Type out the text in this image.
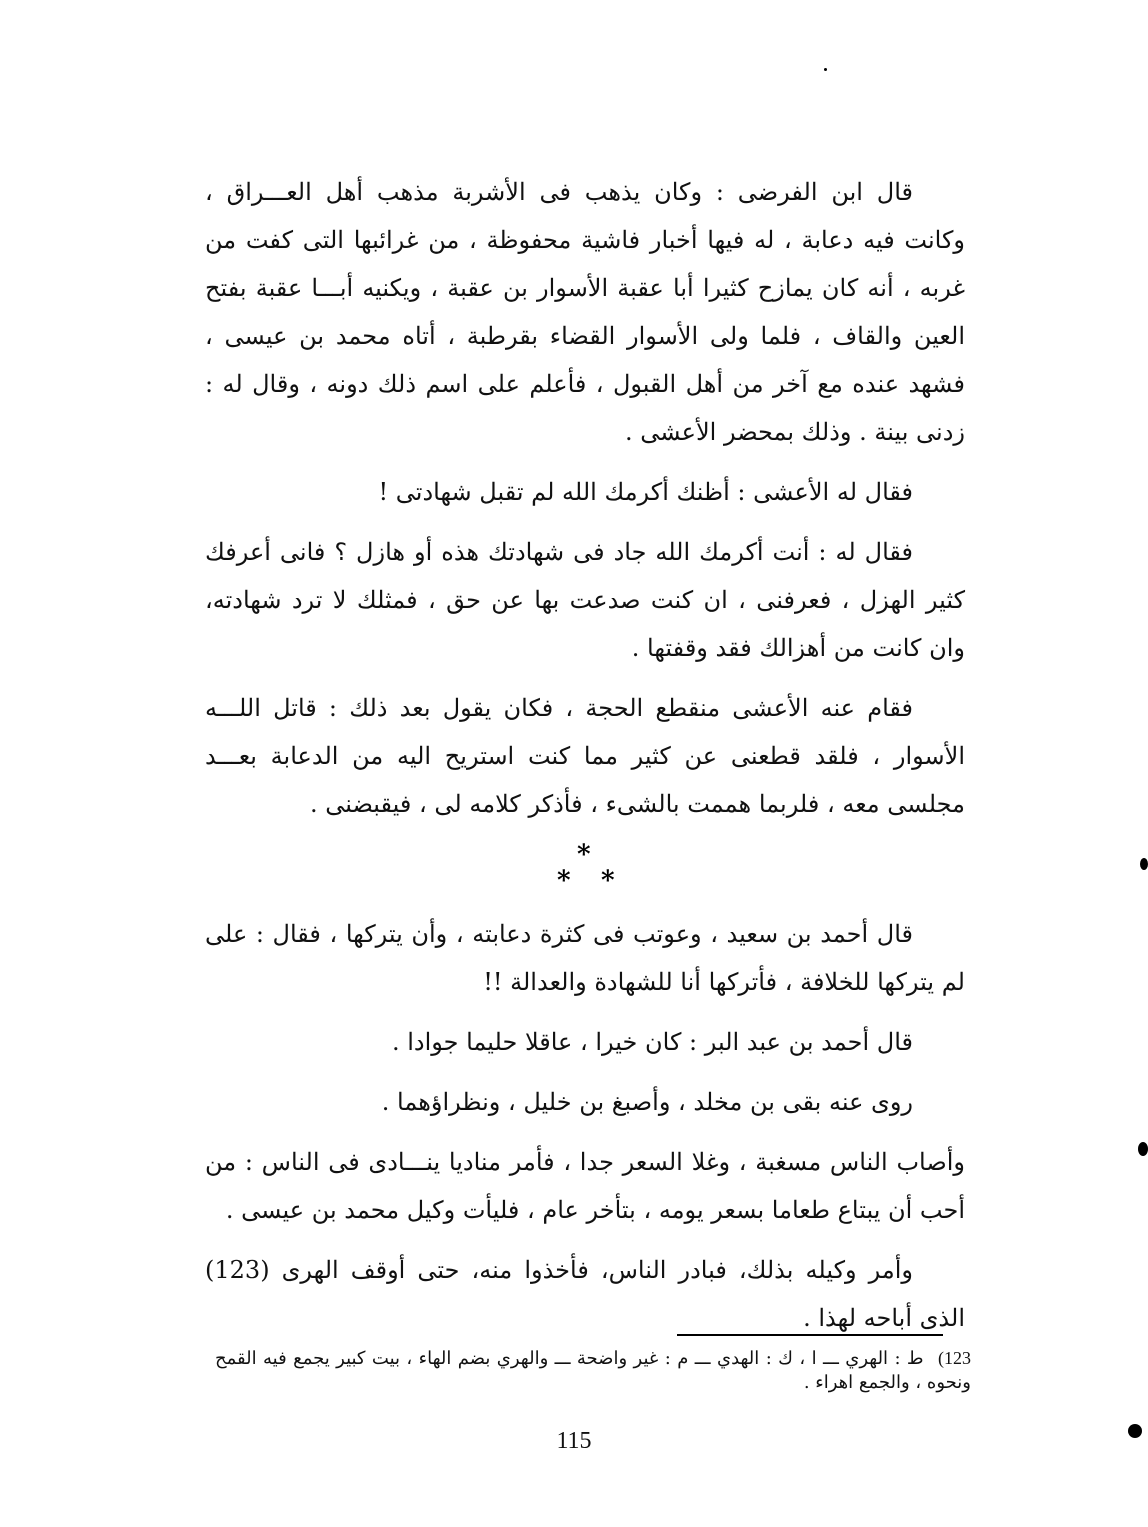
قال ابن الفرضى : وكان يذهب فى الأشربة مذهب أهل العـــراق ، وكانت فيه دعابة ، له فيها أخبار فاشية محفوظة ، من غرائبها التى كفت من غربه ، أنه كان يمازح كثيرا أبا عقبة الأسوار بن عقبة ، ويكنيه أبـــا عقبة بفتح العين والقاف ، فلما ولى الأسوار القضاء بقرطبة ، أتاه محمد بن عيسى ، فشهد عنده مع آخر من أهل القبول ، فأعلم على اسم ذلك دونه ، وقال له : زدنى بينة . وذلك بمحضر الأعشى .

فقال له الأعشى : أظنك أكرمك الله لم تقبل شهادتى !

فقال له : أنت أكرمك الله جاد فى شهادتك هذه أو هازل ؟ فانى أعرفك كثير الهزل ، فعرفنى ، ان كنت صدعت بها عن حق ، فمثلك لا ترد شهادته، وان كانت من أهزالك فقد وقفتها .

فقام عنه الأعشى منقطع الحجة ، فكان يقول بعد ذلك : قاتل اللـــه الأسوار ، فلقد قطعنى عن كثير مما كنت استريح اليه من الدعابة بعـــد مجلسى معه ، فلربما هممت بالشىء ، فأذكر كلامه لى ، فيقبضنى .

*
* *

قال أحمد بن سعيد ، وعوتب فى كثرة دعابته ، وأن يتركها ، فقال : على لم يتركها للخلافة ، فأتركها أنا للشهادة والعدالة !!

قال أحمد بن عبد البر : كان خيرا ، عاقلا حليما جوادا .

روى عنه بقى بن مخلد ، وأصبغ بن خليل ، ونظراؤهما .

وأصاب الناس مسغبة ، وغلا السعر جدا ، فأمر مناديا ينـــادى فى الناس : من أحب أن يبتاع طعاما بسعر يومه ، بتأخر عام ، فليأت وكيل محمد بن عيسى .

وأمر وكيله بذلك، فبادر الناس، فأخذوا منه، حتى أوقف الهرى (123) الذى أباحه لهذا .

123) ط : الهري ـــ ا ، ك : الهدي ـــ م : غير واضحة ـــ والهري بضم الهاء ، بيت كبير يجمع فيه القمح ونحوه ، والجمع اهراء .
115
